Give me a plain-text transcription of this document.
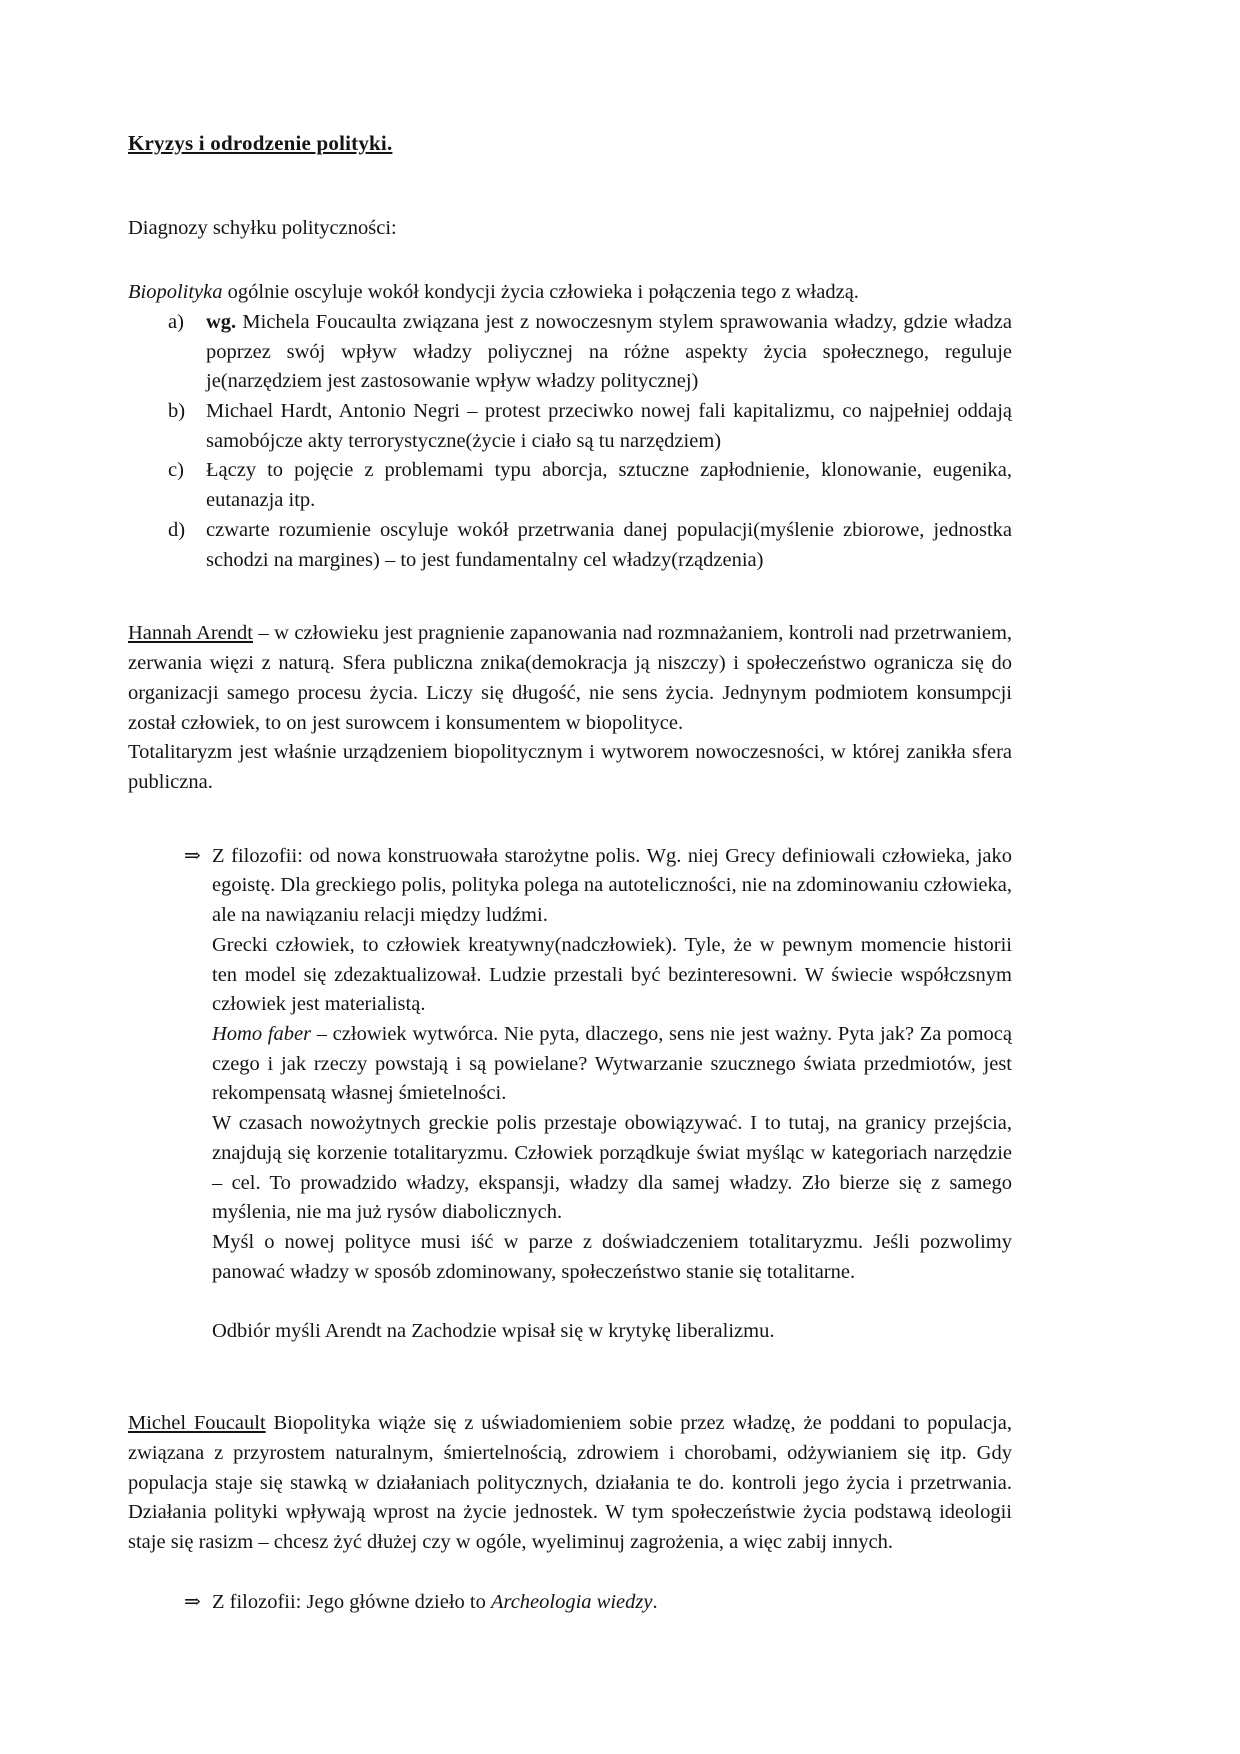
Kryzys i odrodzenie polityki.

Diagnozy schyłku polityczności:

Biopolityka ogólnie oscyluje wokół kondycji życia człowieka i połączenia tego z władzą.

a)	wg. Michela Foucaulta związana jest z nowoczesnym stylem sprawowania władzy, gdzie władza poprzez swój wpływ władzy poliycznej na różne aspekty życia społecznego, reguluje je(narzędziem jest zastosowanie wpływ władzy politycznej)
b)	Michael Hardt, Antonio Negri – protest przeciwko nowej fali kapitalizmu, co najpełniej oddają samobójcze akty terrorystyczne(życie i ciało są tu narzędziem)
c)	Łączy to pojęcie z problemami typu aborcja, sztuczne zapłodnienie, klonowanie, eugenika, eutanazja itp.
d)	czwarte rozumienie oscyluje wokół przetrwania danej populacji(myślenie zbiorowe, jednostka schodzi na margines) – to jest fundamentalny cel władzy(rządzenia)

Hannah Arendt – w człowieku jest pragnienie zapanowania nad rozmnażaniem, kontroli nad przetrwaniem, zerwania więzi z naturą. Sfera publiczna znika(demokracja ją niszczy) i społeczeństwo ogranicza się do organizacji samego procesu życia. Liczy się długość, nie sens życia. Jednynym podmiotem konsumpcji został człowiek, to on jest surowcem i konsumentem w biopolityce.

Totalitaryzm jest właśnie urządzeniem biopolitycznym i wytworem nowoczesności, w której zanikła sfera publiczna.

⇒ Z filozofii: od nowa konstruowała starożytne polis. Wg. niej Grecy definiowali człowieka, jako egoistę. Dla greckiego polis, polityka polega na autoteliczności, nie na zdominowaniu człowieka, ale na nawiązaniu relacji między ludźmi.

Grecki człowiek, to człowiek kreatywny(nadczłowiek). Tyle, że w pewnym momencie historii ten model się zdezaktualizował. Ludzie przestali być bezinteresowni. W świecie współczsnym człowiek jest materialistą.

Homo faber – człowiek wytwórca. Nie pyta, dlaczego, sens nie jest ważny. Pyta jak? Za pomocą czego i jak rzeczy powstają i są powielane? Wytwarzanie szucznego świata przedmiotów, jest rekompensatą własnej śmietelności.

W czasach nowożytnych greckie polis przestaje obowiązywać. I to tutaj, na granicy przejścia, znajdują się korzenie totalitaryzmu. Człowiek porządkuje świat myśląc w kategoriach narzędzie – cel. To prowadzido władzy, ekspansji, władzy dla samej władzy. Zło bierze się z samego myślenia, nie ma już rysów diabolicznych.

Myśl o nowej polityce musi iść w parze z doświadczeniem totalitaryzmu. Jeśli pozwolimy panować władzy w sposób zdominowany, społeczeństwo stanie się totalitarne.

Odbiór myśli Arendt na Zachodzie wpisał się w krytykę liberalizmu.

Michel Foucault Biopolityka wiąże się z uświadomieniem sobie przez władzę, że poddani to populacja, związana z przyrostem naturalnym, śmiertelnością, zdrowiem i chorobami, odżywianiem się itp. Gdy populacja staje się stawką w działaniach politycznych, działania te do. kontroli jego życia i przetrwania. Działania polityki wpływają wprost na życie jednostek. W tym społeczeństwie życia podstawą ideologii staje się rasizm – chcesz żyć dłużej czy w ogóle, wyeliminuj zagrożenia, a więc zabij innych.

⇒ Z filozofii: Jego główne dzieło to Archeologia wiedzy.
